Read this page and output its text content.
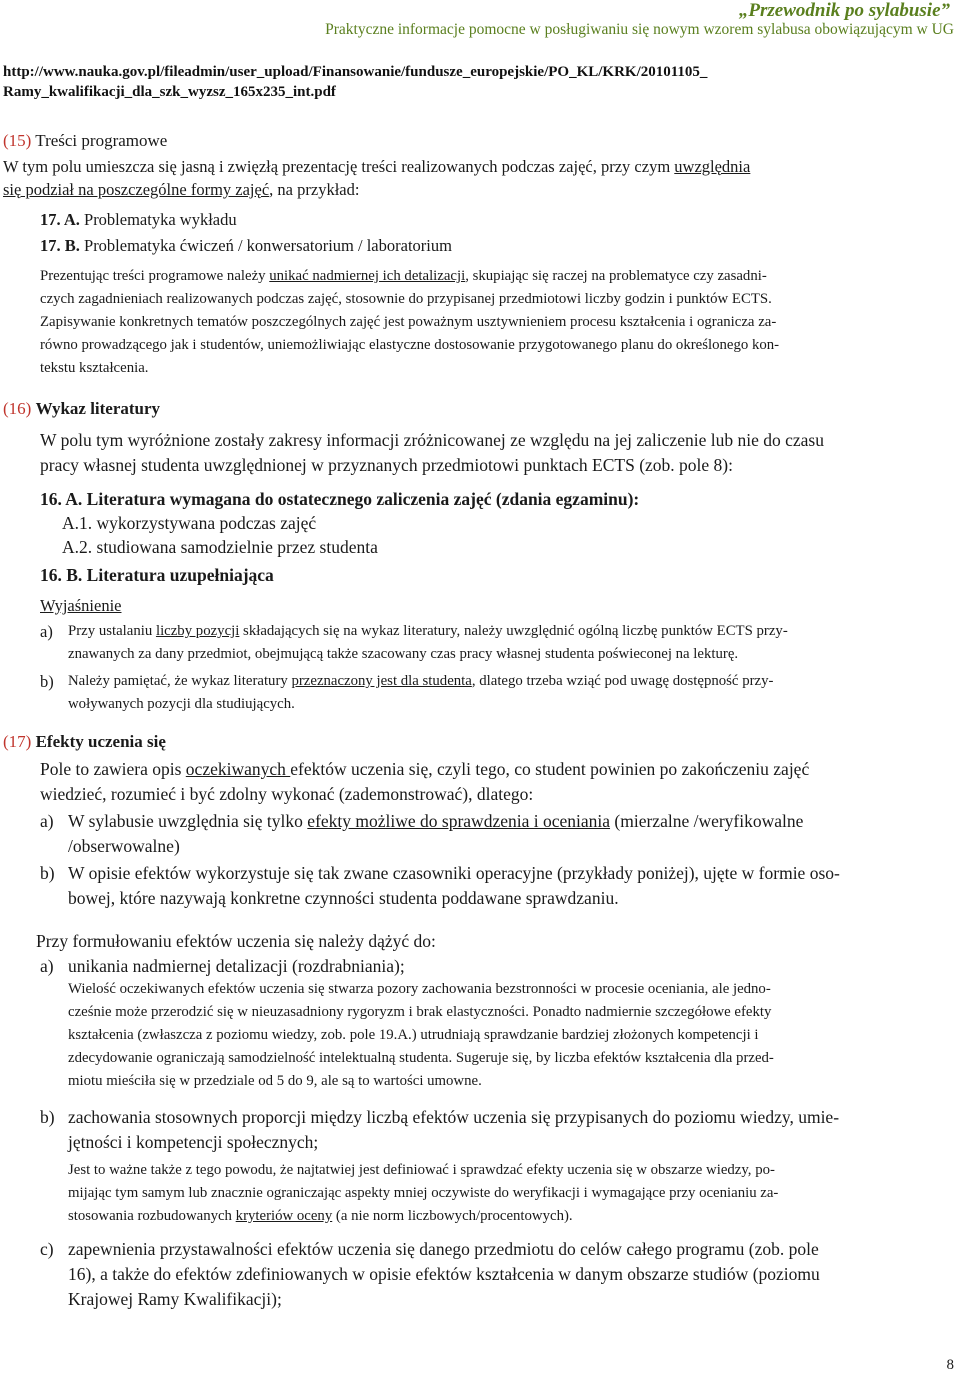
„Przewodnik po sylabusie”
Praktyczne informacje pomocne w posługiwaniu się nowym wzorem sylabusa obowiązującym w UG
http://www.nauka.gov.pl/fileadmin/user_upload/Finansowanie/fundusze_europejskie/PO_KL/KRK/20101105_
Ramy_kwalifikacji_dla_szk_wyzsz_165x235_int.pdf
(15) Treści programowe
W tym polu umieszcza się jasną i zwięzłą prezentację treści realizowanych podczas zajęć, przy czym uwzględnia
się podział na poszczególne formy zajęć, na przykład:
17. A. Problematyka wykładu
17. B. Problematyka ćwiczeń / konwersatorium / laboratorium
Prezentując treści programowe należy unikać nadmiernej ich detalizacji, skupiając się raczej na problematyce czy zasadni-
czych zagadnieniach realizowanych podczas zajęć, stosownie do przypisanej przedmiotowi liczby godzin i punktów ECTS.
Zapisywanie konkretnych tematów poszczególnych zajęć jest poważnym usztywnieniem procesu kształcenia i ogranicza za-
równo prowadzącego jak i studentów, uniemożliwiając elastyczne dostosowanie przygotowanego planu do określonego kon-
tekstu kształcenia.
(16) Wykaz literatury
W polu tym wyróżnione zostały zakresy informacji zróżnicowanej ze względu na jej zaliczenie lub nie do czasu
pracy własnej studenta uwzględnionej w przyznanych przedmiotowi punktach ECTS (zob. pole 8):
16. A. Literatura wymagana do ostatecznego zaliczenia zajęć (zdania egzaminu):
A.1. wykorzystywana podczas zajęć
A.2. studiowana samodzielnie przez studenta
16. B. Literatura uzupełniająca
Wyjaśnienie
a) Przy ustalaniu liczby pozycji składających się na wykaz literatury, należy uwzględnić ogólną liczbę punktów ECTS przy-
znawanych za dany przedmiot, obejmującą także szacowany czas pracy własnej studenta poświeconej na lekturę.
b) Należy pamiętać, że wykaz literatury przeznaczony jest dla studenta, dlatego trzeba wziąć pod uwagę dostępność przy-
woływanych pozycji dla studiujących.
(17) Efekty uczenia się
Pole to zawiera opis oczekiwanych efektów uczenia się, czyli tego, co student powinien po zakończeniu zajęć
wiedzieć, rozumieć i być zdolny wykonać (zademonstrować), dlatego:
a) W sylabusie uwzględnia się tylko efekty możliwe do sprawdzenia i oceniania (mierzalne /weryfikowalne
/obserwowalne)
b) W opisie efektów wykorzystuje się tak zwane czasowniki operacyjne (przykłady poniżej), ujęte w formie oso-
bowej, które nazywają konkretne czynności studenta poddawane sprawdzaniu.
Przy formułowaniu efektów uczenia się należy dążyć do:
a) unikania nadmiernej detalizacji (rozdrabniania);
Wielość oczekiwanych efektów uczenia się stwarza pozory zachowania bezstronności w procesie oceniania, ale jedno-
cześnie może przerodzić się w nieuzasadniony rygoryzm i brak elastyczności. Ponadto nadmiernie szczegółowe efekty
kształcenia (zwłaszcza z poziomu wiedzy, zob. pole 19.A.) utrudniają sprawdzanie bardziej złożonych kompetencji i
zdecydowanie ograniczają samodzielność intelektualną studenta. Sugeruje się, by liczba efektów kształcenia dla przed-
miotu mieściła się w przedziale od 5 do 9, ale są to wartości umowne.
b) zachowania stosownych proporcji między liczbą efektów uczenia się przypisanych do poziomu wiedzy, umie-
jętności i kompetencji społecznych;
Jest to ważne także z tego powodu, że najtatwiej jest definiować i sprawdzać efekty uczenia się w obszarze wiedzy, po-
mijając tym samym lub znacznie ograniczając aspekty mniej oczywiste do weryfikacji i wymagające przy ocenianiu za-
stosowania rozbudowanych kryteriów oceny (a nie norm liczbowych/procentowych).
c) zapewnienia przystawalności efektów uczenia się danego przedmiotu do celów całego programu (zob. pole
16), a także do efektów zdefiniowanych w opisie efektów kształcenia w danym obszarze studiów (poziomu
Krajowej Ramy Kwalifikacji);
8
